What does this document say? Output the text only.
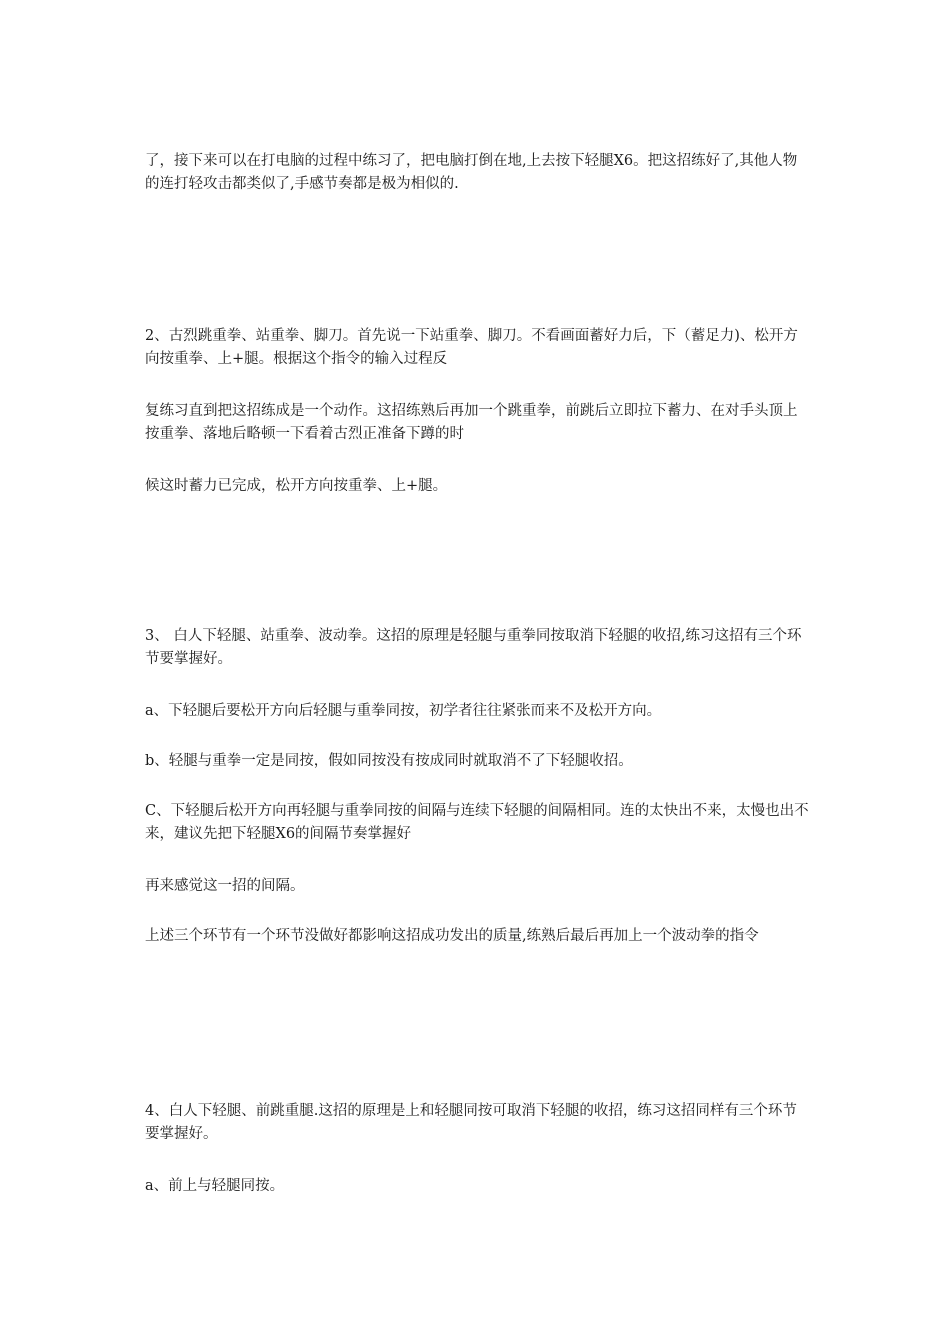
了，接下来可以在打电脑的过程中练习了，把电脑打倒在地,上去按下轻腿X6。把这招练好了,其他人物的连打轻攻击都类似了,手感节奏都是极为相似的.

2、古烈跳重拳、站重拳、脚刀。首先说一下站重拳、脚刀。不看画面蓄好力后，下（蓄足力)、松开方向按重拳、上+腿。根据这个指令的输入过程反

复练习直到把这招练成是一个动作。这招练熟后再加一个跳重拳，前跳后立即拉下蓄力、在对手头顶上按重拳、落地后略顿一下看着古烈正准备下蹲的时

候这时蓄力已完成，松开方向按重拳、上+腿。

3、 白人下轻腿、站重拳、波动拳。这招的原理是轻腿与重拳同按取消下轻腿的收招,练习这招有三个环节要掌握好。

a、下轻腿后要松开方向后轻腿与重拳同按，初学者往往紧张而来不及松开方向。

b、轻腿与重拳一定是同按，假如同按没有按成同时就取消不了下轻腿收招。

C、下轻腿后松开方向再轻腿与重拳同按的间隔与连续下轻腿的间隔相同。连的太快出不来，太慢也出不来，建议先把下轻腿X6的间隔节奏掌握好

再来感觉这一招的间隔。

上述三个环节有一个环节没做好都影响这招成功发出的质量,练熟后最后再加上一个波动拳的指令

4、白人下轻腿、前跳重腿.这招的原理是上和轻腿同按可取消下轻腿的收招，练习这招同样有三个环节要掌握好。

a、前上与轻腿同按。
